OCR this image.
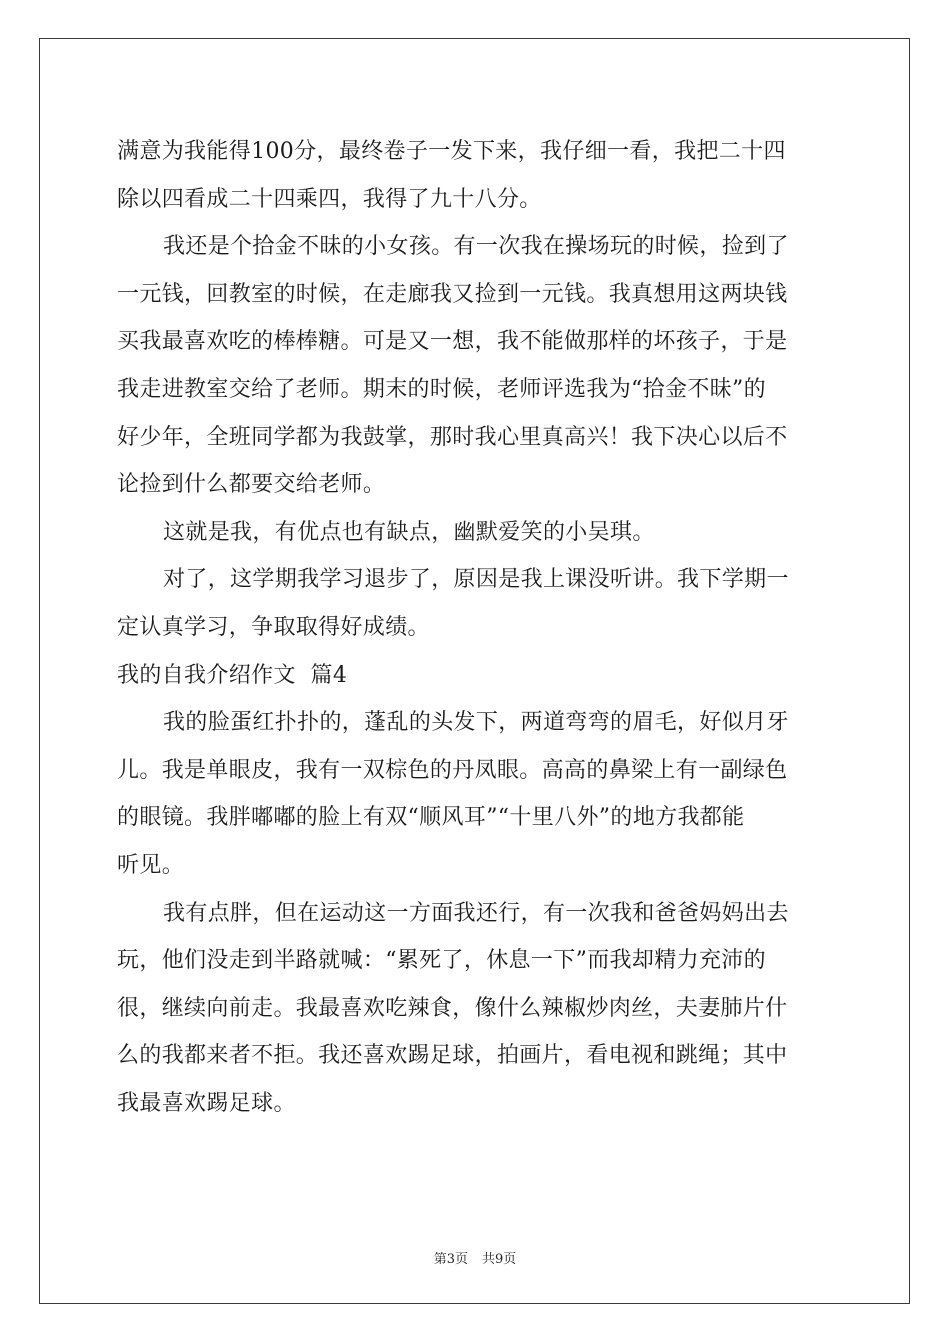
满意为我能得100分，最终卷子一发下来，我仔细一看，我把二十四
除以四看成二十四乘四，我得了九十八分。
我还是个拾金不昧的小女孩。有一次我在操场玩的时候，捡到了
一元钱，回教室的时候，在走廊我又捡到一元钱。我真想用这两块钱
买我最喜欢吃的棒棒糖。可是又一想，我不能做那样的坏孩子，于是
我走进教室交给了老师。期末的时候，老师评选我为“拾金不昧”的
好少年，全班同学都为我鼓掌，那时我心里真高兴！我下决心以后不
论捡到什么都要交给老师。
这就是我，有优点也有缺点，幽默爱笑的小吴琪。
对了，这学期我学习退步了，原因是我上课没听讲。我下学期一
定认真学习，争取取得好成绩。
我的自我介绍作文  篇4
我的脸蛋红扑扑的，蓬乱的头发下，两道弯弯的眉毛，好似月牙
儿。我是单眼皮，我有一双棕色的丹凤眼。高高的鼻梁上有一副绿色
的眼镜。我胖嘟嘟的脸上有双“顺风耳”“十里八外”的地方我都能
听见。
我有点胖，但在运动这一方面我还行，有一次我和爸爸妈妈出去
玩，他们没走到半路就喊：“累死了，休息一下”而我却精力充沛的
很，继续向前走。我最喜欢吃辣食，像什么辣椒炒肉丝，夫妻肺片什
么的我都来者不拒。我还喜欢踢足球，拍画片，看电视和跳绳；其中
我最喜欢踢足球。
第3页 共9页
